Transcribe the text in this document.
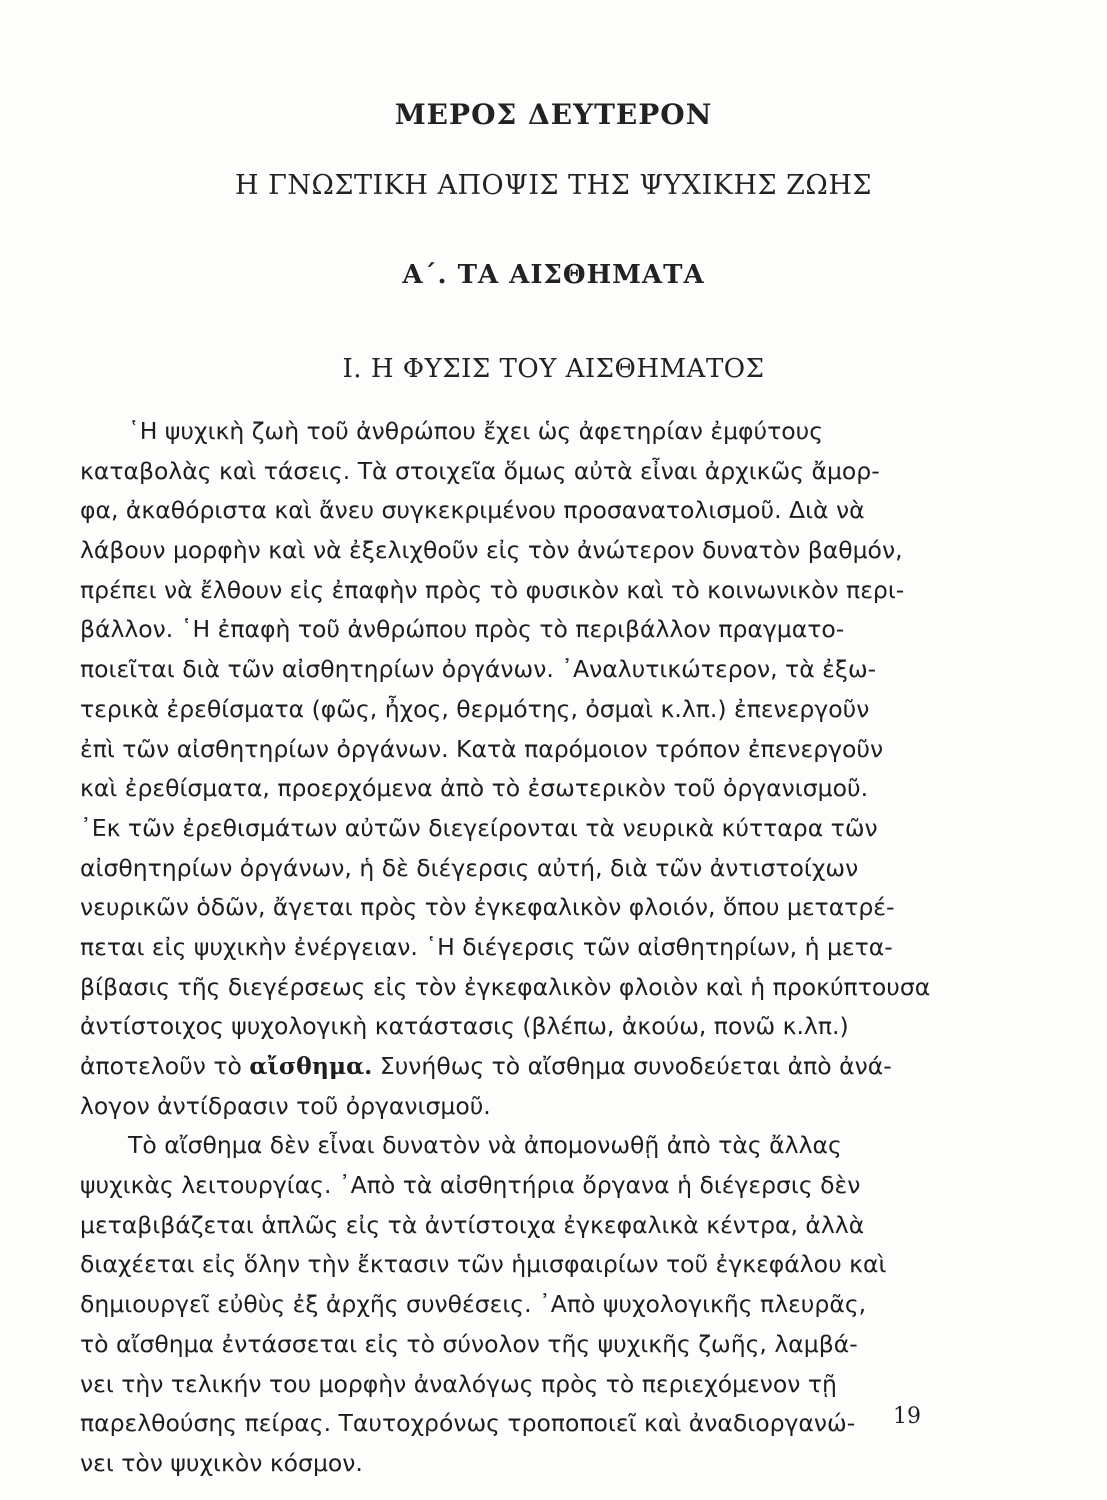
ΜΕΡΟΣ ΔΕΥΤΕΡΟΝ
Η ΓΝΩΣΤΙΚΗ ΑΠΟΨΙΣ ΤΗΣ ΨΥΧΙΚΗΣ ΖΩΗΣ
Α΄. ΤΑ ΑΙΣΘΗΜΑΤΑ
Ι. Η ΦΥΣΙΣ ΤΟΥ ΑΙΣΘΗΜΑΤΟΣ
῾Η ψυχικὴ ζωὴ τοῦ ἀνθρώπου ἔχει ὡς ἀφετηρίαν ἐμφύτους
καταβολὰς καὶ τάσεις. Τὰ στοιχεῖα ὅμως αὐτὰ εἶναι ἀρχικῶς ἄμορ-
φα, ἀκαθόριστα καὶ ἄνευ συγκεκριμένου προσανατολισμοῦ. Διὰ νὰ
λάβουν μορφὴν καὶ νὰ ἐξελιχθοῦν εἰς τὸν ἀνώτερον δυνατὸν βαθμόν,
πρέπει νὰ ἔλθουν εἰς ἐπαφὴν πρὸς τὸ φυσικὸν καὶ τὸ κοινωνικὸν περι-
βάλλον. ῾Η ἐπαφὴ τοῦ ἀνθρώπου πρὸς τὸ περιβάλλον πραγματο-
ποιεῖται διὰ τῶν αἰσθητηρίων ὀργάνων. ᾿Αναλυτικώτερον, τὰ ἐξω-
τερικὰ ἐρεθίσματα (φῶς, ἦχος, θερμότης, ὀσμαὶ κ.λπ.) ἐπενεργοῦν
ἐπὶ τῶν αἰσθητηρίων ὀργάνων. Κατὰ παρόμοιον τρόπον ἐπενεργοῦν
καὶ ἐρεθίσματα, προερχόμενα ἀπὸ τὸ ἐσωτερικὸν τοῦ ὀργανισμοῦ.
᾿Εκ τῶν ἐρεθισμάτων αὐτῶν διεγείρονται τὰ νευρικὰ κύτταρα τῶν
αἰσθητηρίων ὀργάνων, ἡ δὲ διέγερσις αὐτή, διὰ τῶν ἀντιστοίχων
νευρικῶν ὁδῶν, ἄγεται πρὸς τὸν ἐγκεφαλικὸν φλοιόν, ὅπου μετατρέ-
πεται εἰς ψυχικὴν ἐνέργειαν. ῾Η διέγερσις τῶν αἰσθητηρίων, ἡ μετα-
βίβασις τῆς διεγέρσεως εἰς τὸν ἐγκεφαλικὸν φλοιὸν καὶ ἡ προκύπτουσα
ἀντίστοιχος ψυχολογικὴ κατάστασις (βλέπω, ἀκούω, πονῶ κ.λπ.)
ἀποτελοῦν τὸ αἴσθημα. Συνήθως τὸ αἴσθημα συνοδεύεται ἀπὸ ἀνά-
λογον ἀντίδρασιν τοῦ ὀργανισμοῦ.
Τὸ αἴσθημα δὲν εἶναι δυνατὸν νὰ ἀπομονωθῇ ἀπὸ τὰς ἄλλας
ψυχικὰς λειτουργίας. ᾿Απὸ τὰ αἰσθητήρια ὄργανα ἡ διέγερσις δὲν
μεταβιβάζεται ἁπλῶς εἰς τὰ ἀντίστοιχα ἐγκεφαλικὰ κέντρα, ἀλλὰ
διαχέεται εἰς ὅλην τὴν ἔκτασιν τῶν ἡμισφαιρίων τοῦ ἐγκεφάλου καὶ
δημιουργεῖ εὐθὺς ἐξ ἀρχῆς συνθέσεις. ᾿Απὸ ψυχολογικῆς πλευρᾶς,
τὸ αἴσθημα ἐντάσσεται εἰς τὸ σύνολον τῆς ψυχικῆς ζωῆς, λαμβά-
νει τὴν τελικήν του μορφὴν ἀναλόγως πρὸς τὸ περιεχόμενον τῇ
παρελθούσης πείρας. Ταυτοχρόνως τροποποιεῖ καὶ ἀναδιοργανώ-
νει τὸν ψυχικὸν κόσμον.
19
